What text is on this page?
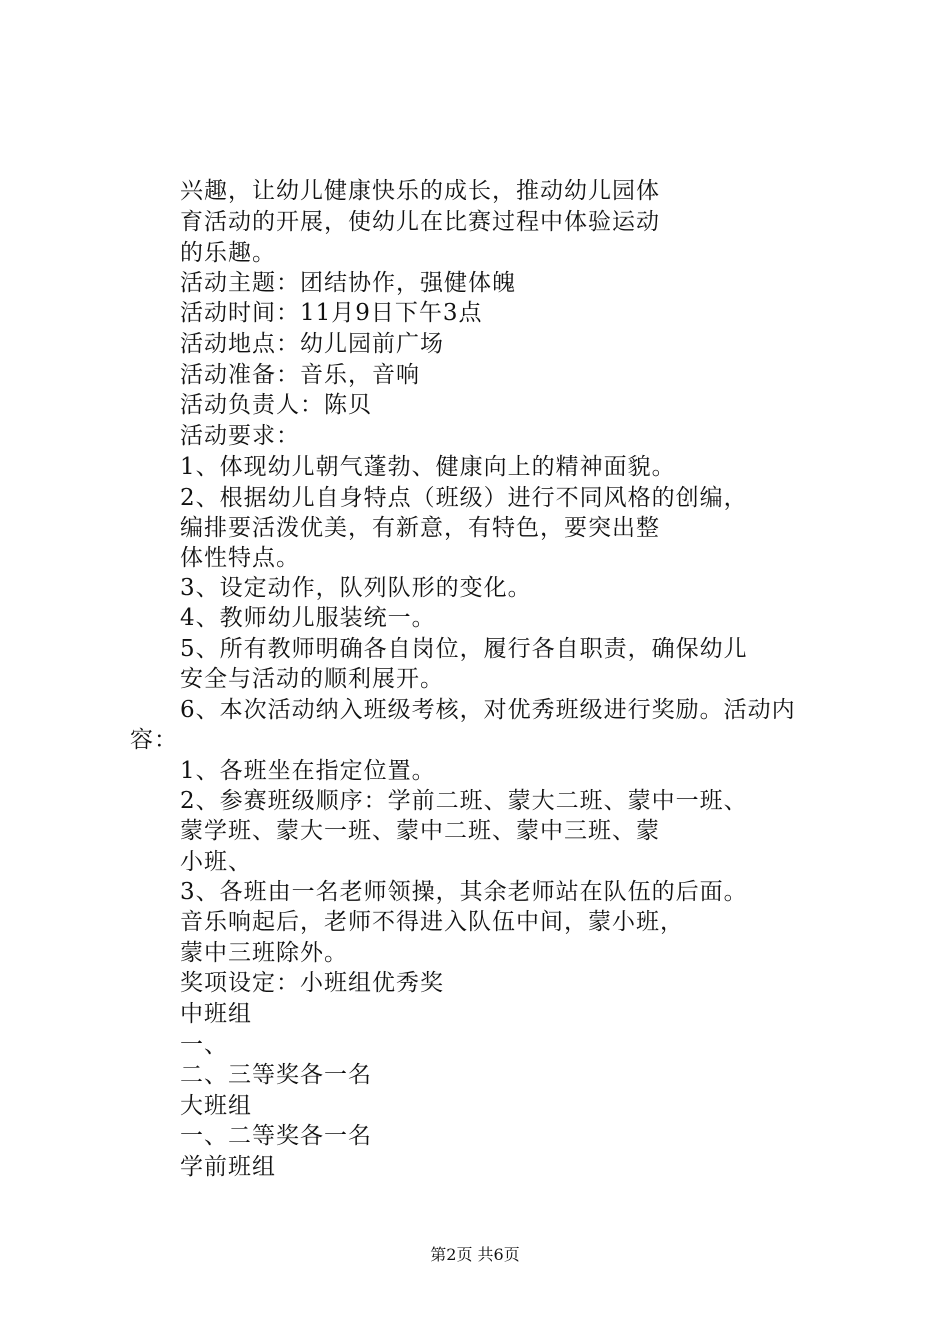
兴趣，让幼儿健康快乐的成长，推动幼儿园体
育活动的开展，使幼儿在比赛过程中体验运动
的乐趣。
活动主题：团结协作，强健体魄
活动时间：11月9日下午3点
活动地点：幼儿园前广场
活动准备：音乐，音响
活动负责人：陈贝
活动要求：
1、体现幼儿朝气蓬勃、健康向上的精神面貌。
2、根据幼儿自身特点（班级）进行不同风格的创编，
编排要活泼优美，有新意，有特色，要突出整
体性特点。
3、设定动作，队列队形的变化。
4、教师幼儿服装统一。
5、所有教师明确各自岗位，履行各自职责，确保幼儿
安全与活动的顺利展开。
6、本次活动纳入班级考核，对优秀班级进行奖励。活动内
容：
1、各班坐在指定位置。
2、参赛班级顺序：学前二班、蒙大二班、蒙中一班、
蒙学班、蒙大一班、蒙中二班、蒙中三班、蒙
小班、
3、各班由一名老师领操，其余老师站在队伍的后面。
音乐响起后，老师不得进入队伍中间，蒙小班，
蒙中三班除外。
奖项设定：小班组优秀奖
中班组
一、
二、三等奖各一名
大班组
一、二等奖各一名
学前班组
第2页 共6页
